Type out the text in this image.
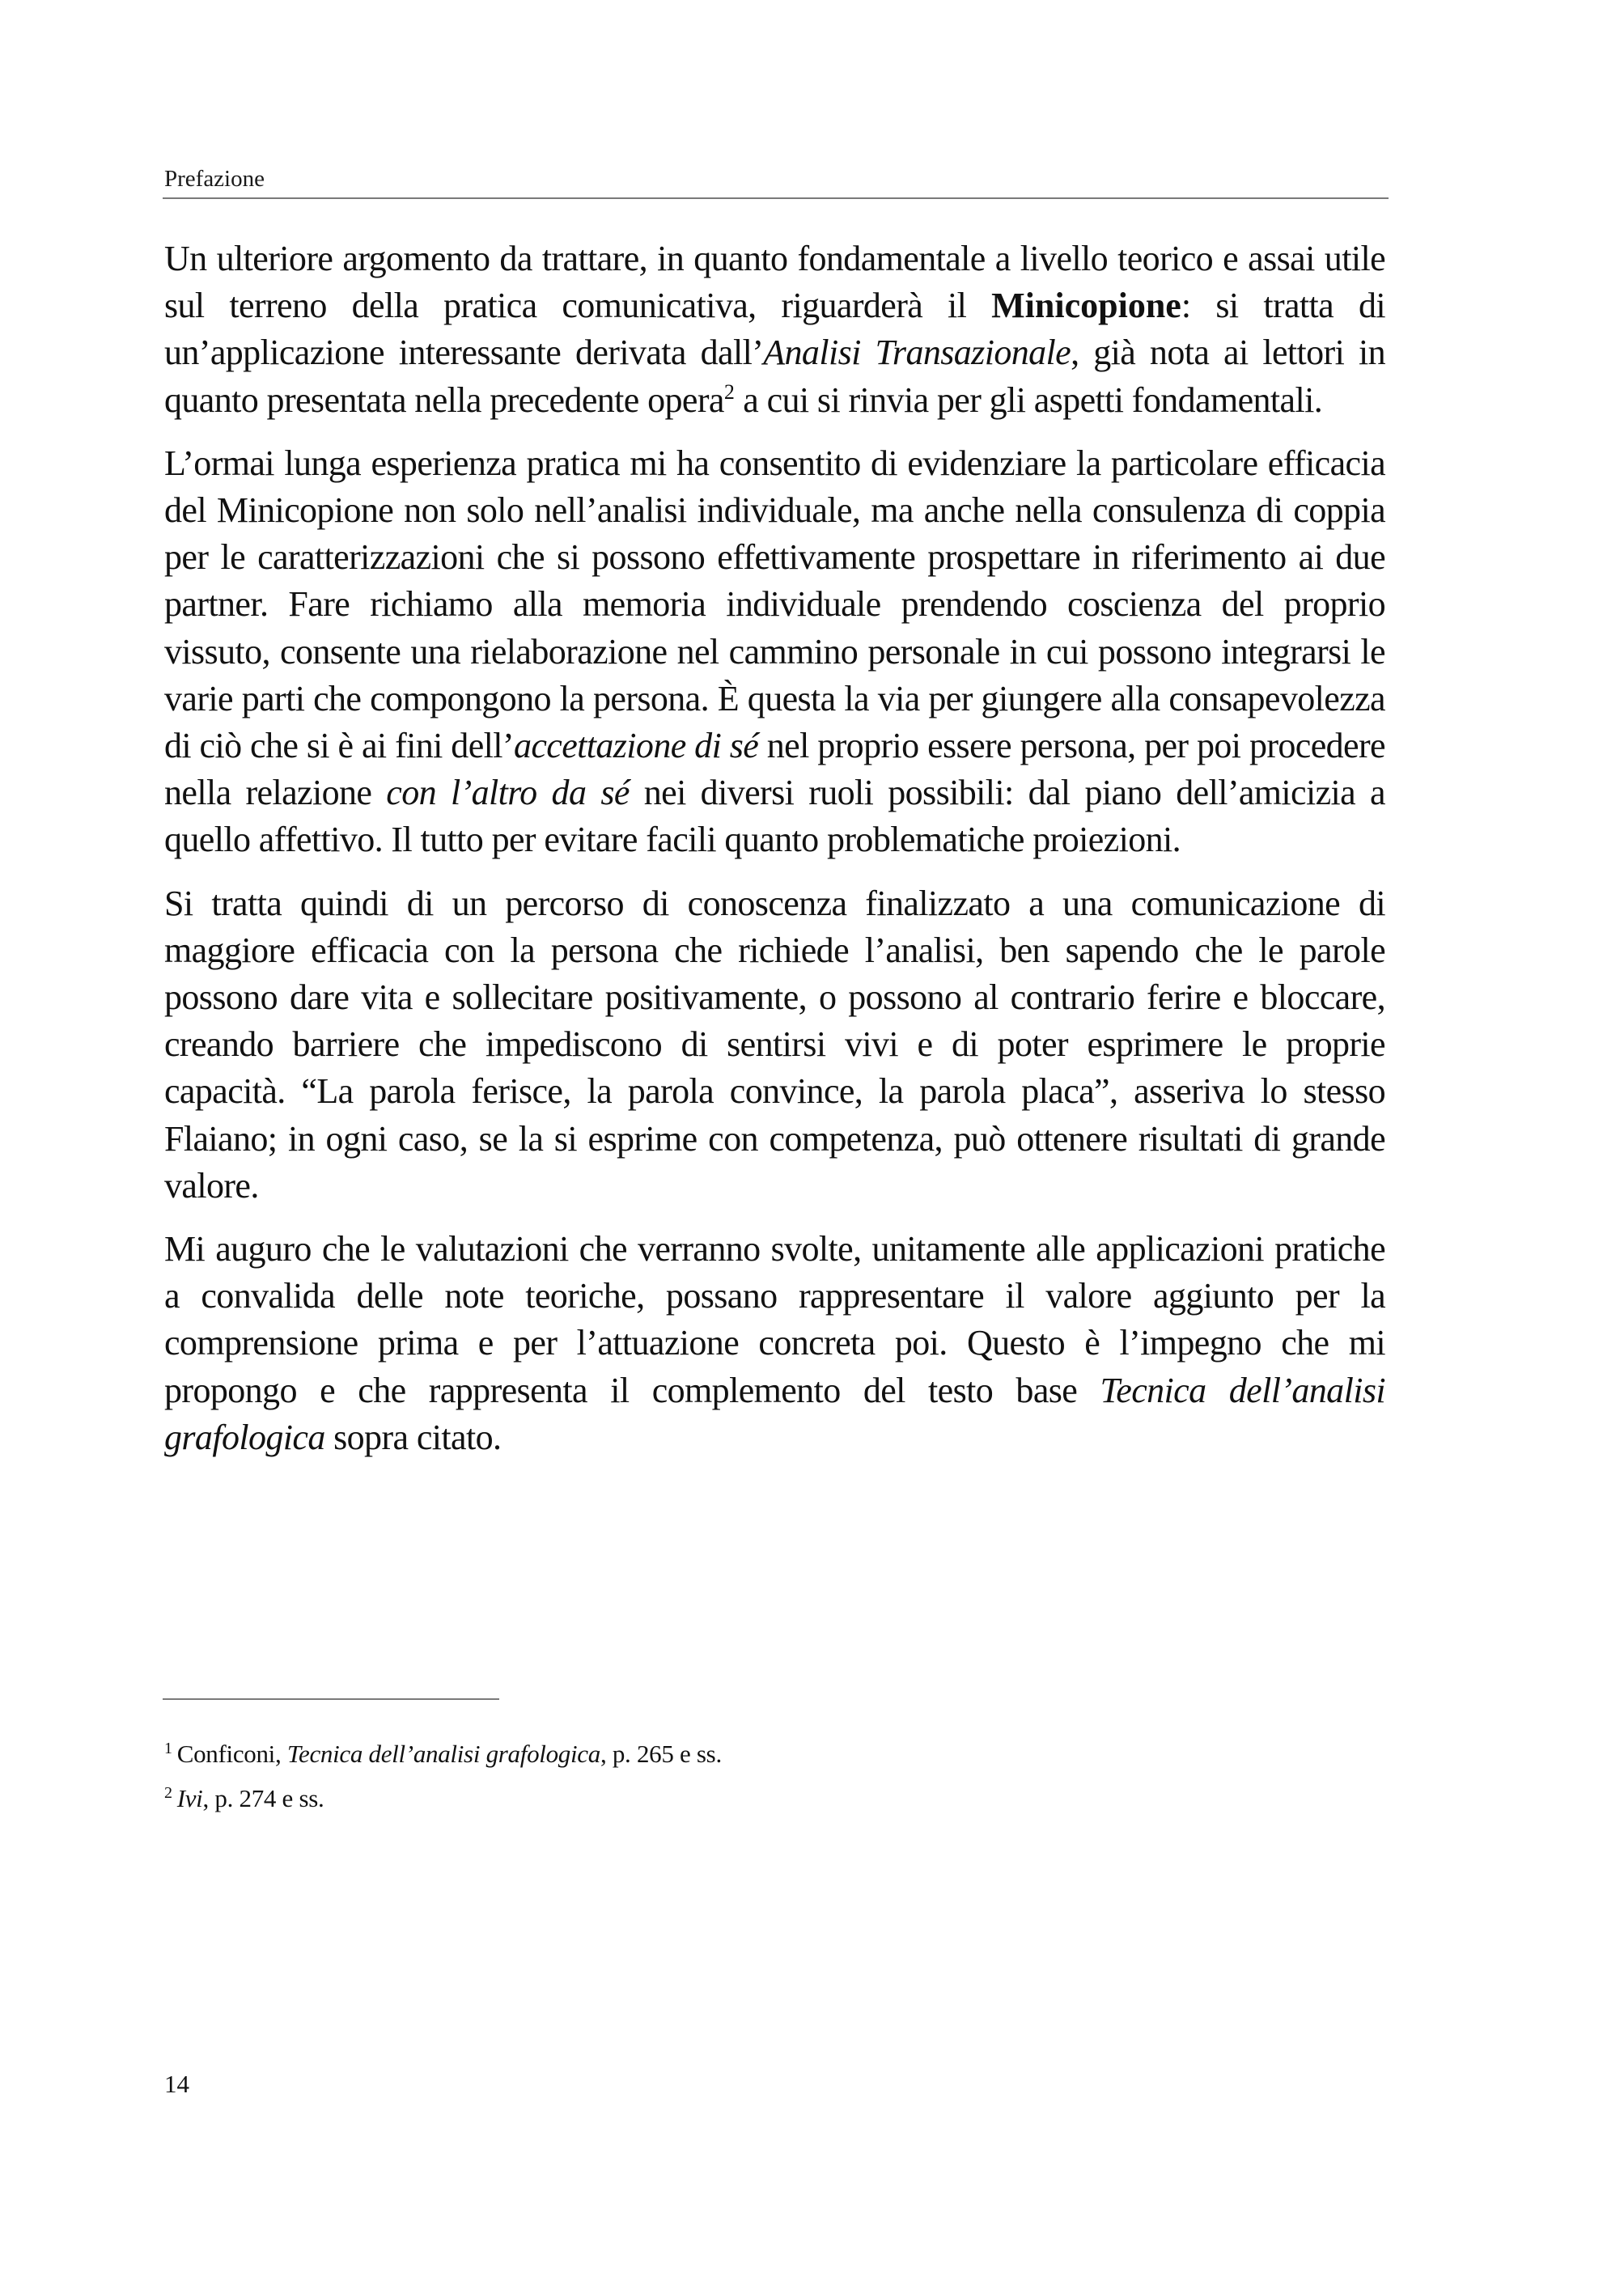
Prefazione

Un ulteriore argomento da trattare, in quanto fondamentale a livello teorico e assai utile sul terreno della pratica comunicativa, riguarderà il Minicopione: si tratta di un’applicazione interessante derivata dall’Analisi Transazionale, già nota ai lettori in quanto presentata nella precedente opera$^2$ a cui si rinvia per gli aspetti fondamentali.

L’ormai lunga esperienza pratica mi ha consentito di evidenziare la particolare efficacia del Minicopione non solo nell’analisi individuale, ma anche nella consulenza di coppia per le caratterizzazioni che si possono effettivamente prospettare in riferimento ai due partner. Fare richiamo alla memoria individuale prendendo coscienza del proprio vissuto, consente una rielaborazione nel cammino personale in cui possono integrarsi le varie parti che compongono la persona. È questa la via per giungere alla consapevolezza di ciò che si è ai fini dell’accettazione di sé nel proprio essere persona, per poi procedere nella relazione con l’altro da sé nei diversi ruoli possibili: dal piano dell’amicizia a quello affettivo. Il tutto per evitare facili quanto problematiche proiezioni.

Si tratta quindi di un percorso di conoscenza finalizzato a una comunicazione di maggiore efficacia con la persona che richiede l’analisi, ben sapendo che le parole possono dare vita e sollecitare positivamente, o possono al contrario ferire e bloccare, creando barriere che impediscono di sentirsi vivi e di poter esprimere le proprie capacità. “La parola ferisce, la parola convince, la parola placa”, asseriva lo stesso Flaiano; in ogni caso, se la si esprime con competenza, può ottenere risultati di grande valore.

Mi auguro che le valutazioni che verranno svolte, unitamente alle applicazioni pratiche a convalida delle note teoriche, possano rappresentare il valore aggiunto per la comprensione prima e per l’attuazione concreta poi. Questo è l’impegno che mi propongo e che rappresenta il complemento del testo base Tecnica dell’analisi grafologica sopra citato.

$^1$ Conficoni, Tecnica dell’analisi grafologica, p. 265 e ss.
$^2$ Ivi, p. 274 e ss.
14
